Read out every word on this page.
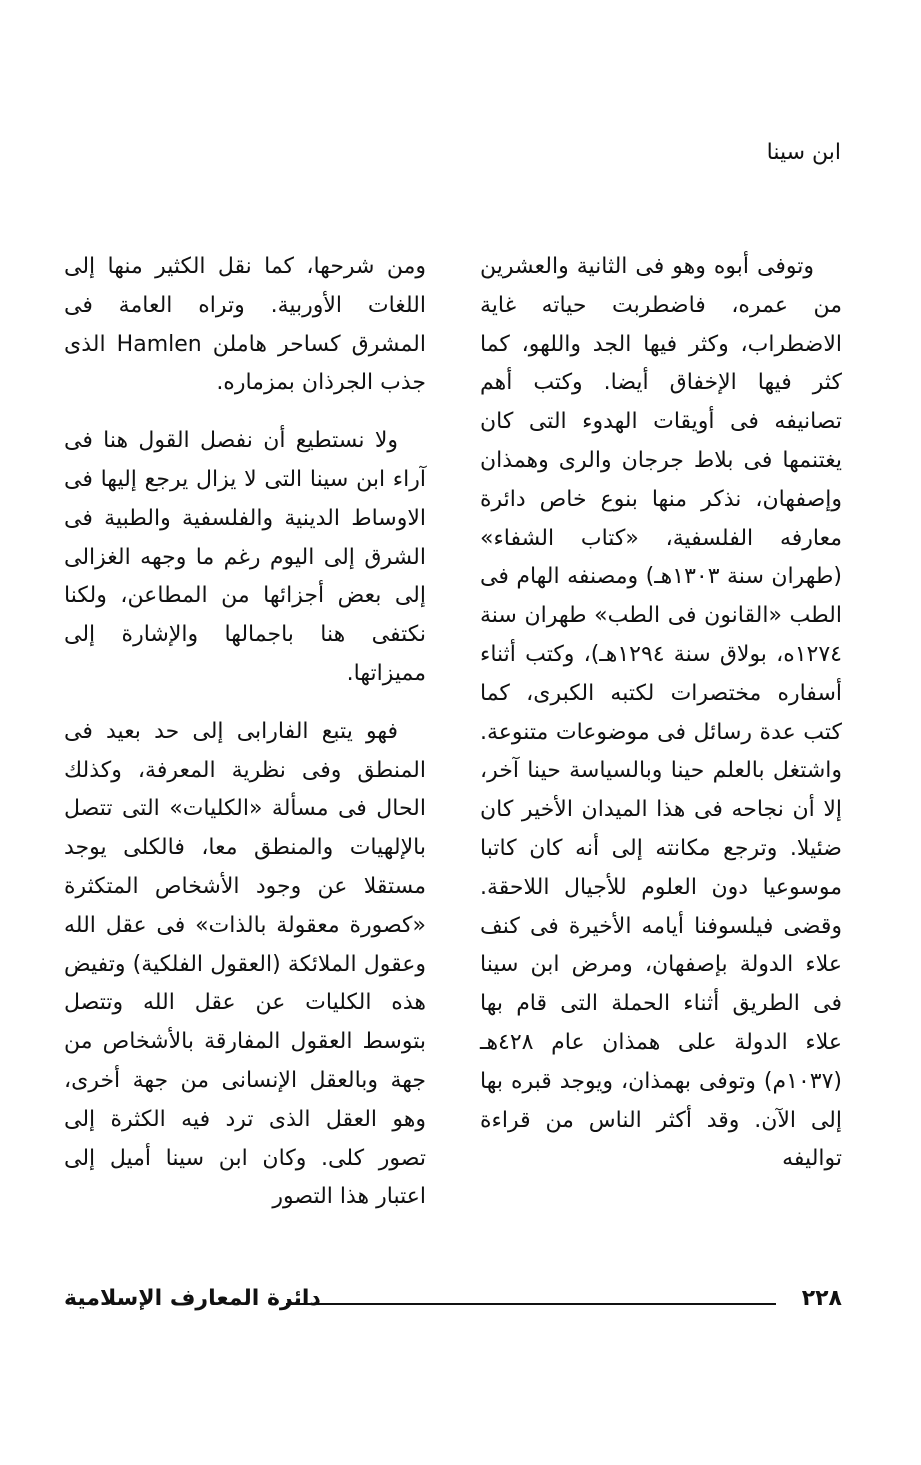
ابن سينا

وتوفى أبوه وهو فى الثانية والعشرين من عمره، فاضطربت حياته غاية الاضطراب، وكثر فيها الجد واللهو، كما كثر فيها الإخفاق أيضا. وكتب أهم تصانيفه فى أويقات الهدوء التى كان يغتنمها فى بلاط جرجان والرى وهمذان وإصفهان، نذكر منها بنوع خاص دائرة معارفه الفلسفية، «كتاب الشفاء» (طهران سنة ١٣٠٣هـ) ومصنفه الهام فى الطب «القانون فى الطب» طهران سنة ١٢٧٤ه، بولاق سنة ١٢٩٤هـ)، وكتب أثناء أسفاره مختصرات لكتبه الكبرى، كما كتب عدة رسائل فى موضوعات متنوعة. واشتغل بالعلم حينا وبالسياسة حينا آخر، إلا أن نجاحه فى هذا الميدان الأخير كان ضئيلا. وترجع مكانته إلى أنه كان كاتبا موسوعيا دون العلوم للأجيال اللاحقة. وقضى فيلسوفنا أيامه الأخيرة فى كنف علاء الدولة بإصفهان، ومرض ابن سينا فى الطريق أثناء الحملة التى قام بها علاء الدولة على همذان عام ٤٢٨هـ (١٠٣٧م) وتوفى بهمذان، ويوجد قبره بها إلى الآن. وقد أكثر الناس من قراءة تواليفه

ومن شرحها، كما نقل الكثير منها إلى اللغات الأوربية. وتراه العامة فى المشرق كساحر هاملن Hamlen الذى جذب الجرذان بمزماره.

ولا نستطيع أن نفصل القول هنا فى آراء ابن سينا التى لا يزال يرجع إليها فى الاوساط الدينية والفلسفية والطبية فى الشرق إلى اليوم رغم ما وجهه الغزالى إلى بعض أجزائها من المطاعن، ولكنا نكتفى هنا باجمالها والإشارة إلى مميزاتها.

فهو يتبع الفارابى إلى حد بعيد فى المنطق وفى نظرية المعرفة، وكذلك الحال فى مسألة «الكليات» التى تتصل بالإلهيات والمنطق معا، فالكلى يوجد مستقلا عن وجود الأشخاص المتكثرة «كصورة معقولة بالذات» فى عقل الله وعقول الملائكة (العقول الفلكية) وتفيض هذه الكليات عن عقل الله وتتصل بتوسط العقول المفارقة بالأشخاص من جهة وبالعقل الإنسانى من جهة أخرى، وهو العقل الذى ترد فيه الكثرة إلى تصور كلى. وكان ابن سينا أميل إلى اعتبار هذا التصور

٢٢٨
دائرة المعارف الإسلامية
